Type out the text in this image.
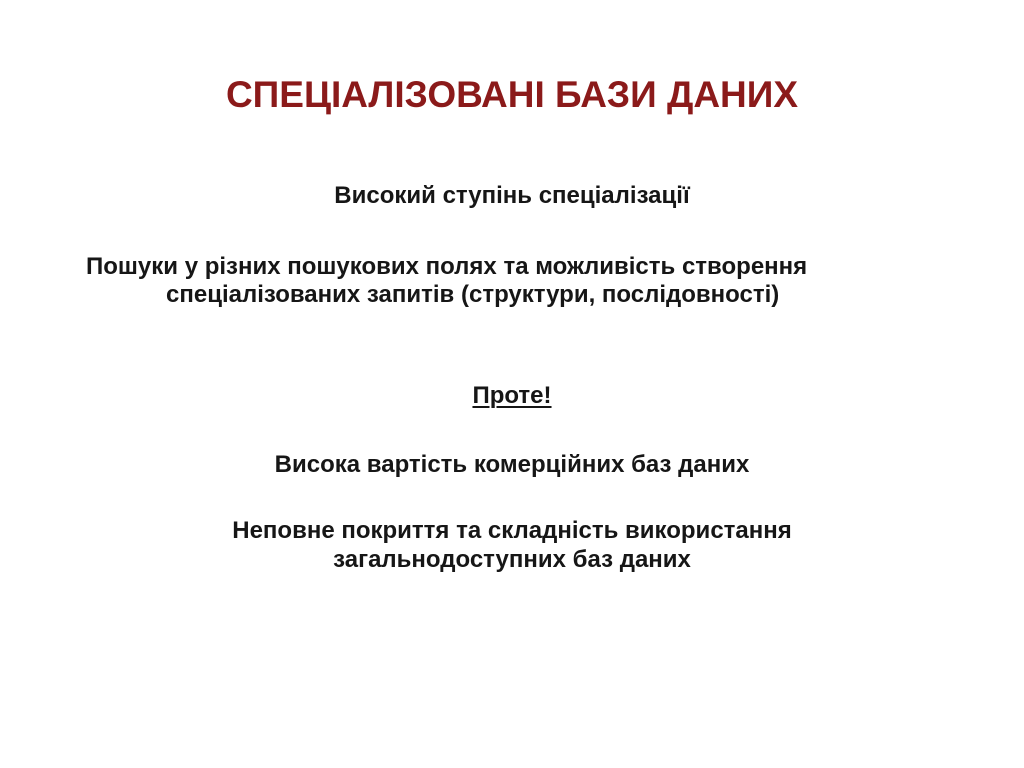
СПЕЦІАЛІЗОВАНІ БАЗИ ДАНИХ
Високий ступінь спеціалізації
Пошуки у різних пошукових полях та можливість створення
спеціалізованих запитів (структури, послідовності)
Проте!
Висока вартість комерційних баз даних
Неповне покриття та складність використання
загальнодоступних баз даних
